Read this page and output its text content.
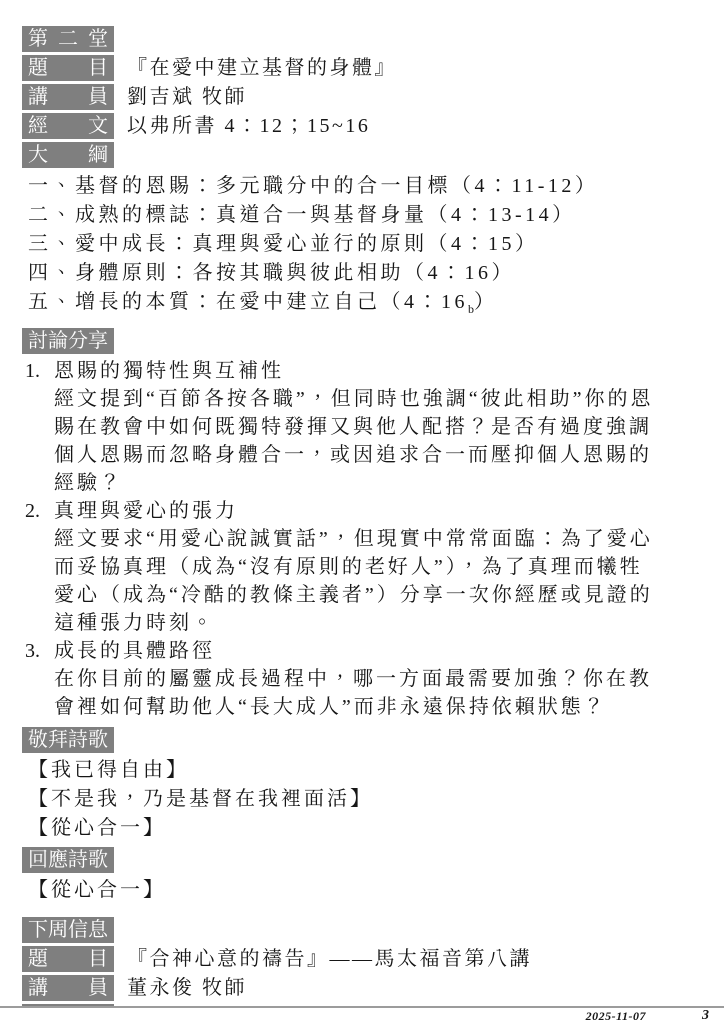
第二堂
題目 『在愛中建立基督的身體』
講員 劉吉斌 牧師
經文 以弗所書 4：12；15~16
大綱
一、基督的恩賜：多元職分中的合一目標（4：11-12）
二、成熟的標誌：真道合一與基督身量（4：13-14）
三、愛中成長：真理與愛心並行的原則（4：15）
四、身體原則：各按其職與彼此相助（4：16）
五、增長的本質：在愛中建立自己（4：$16_b$）
討論分享
1. 恩賜的獨特性與互補性
經文提到“百節各按各職”，但同時也強調“彼此相助”你的恩
賜在教會中如何既獨特發揮又與他人配搭？是否有過度強調
個人恩賜而忽略身體合一，或因追求合一而壓抑個人恩賜的
經驗？
2. 真理與愛心的張力
經文要求“用愛心說誠實話”，但現實中常常面臨：為了愛心
而妥協真理（成為“沒有原則的老好人”），為了真理而犧牲
愛心（成為“冷酷的教條主義者”）分享一次你經歷或見證的
這種張力時刻。
3. 成長的具體路徑
在你目前的屬靈成長過程中，哪一方面最需要加強？你在教
會裡如何幫助他人“長大成人”而非永遠保持依賴狀態？
敬拜詩歌
【我已得自由】
【不是我，乃是基督在我裡面活】
【從心合一】
回應詩歌
【從心合一】
下周信息
題目 『合神心意的禱告』——馬太福音第八講
講員 董永俊 牧師
2025-11-07	3
